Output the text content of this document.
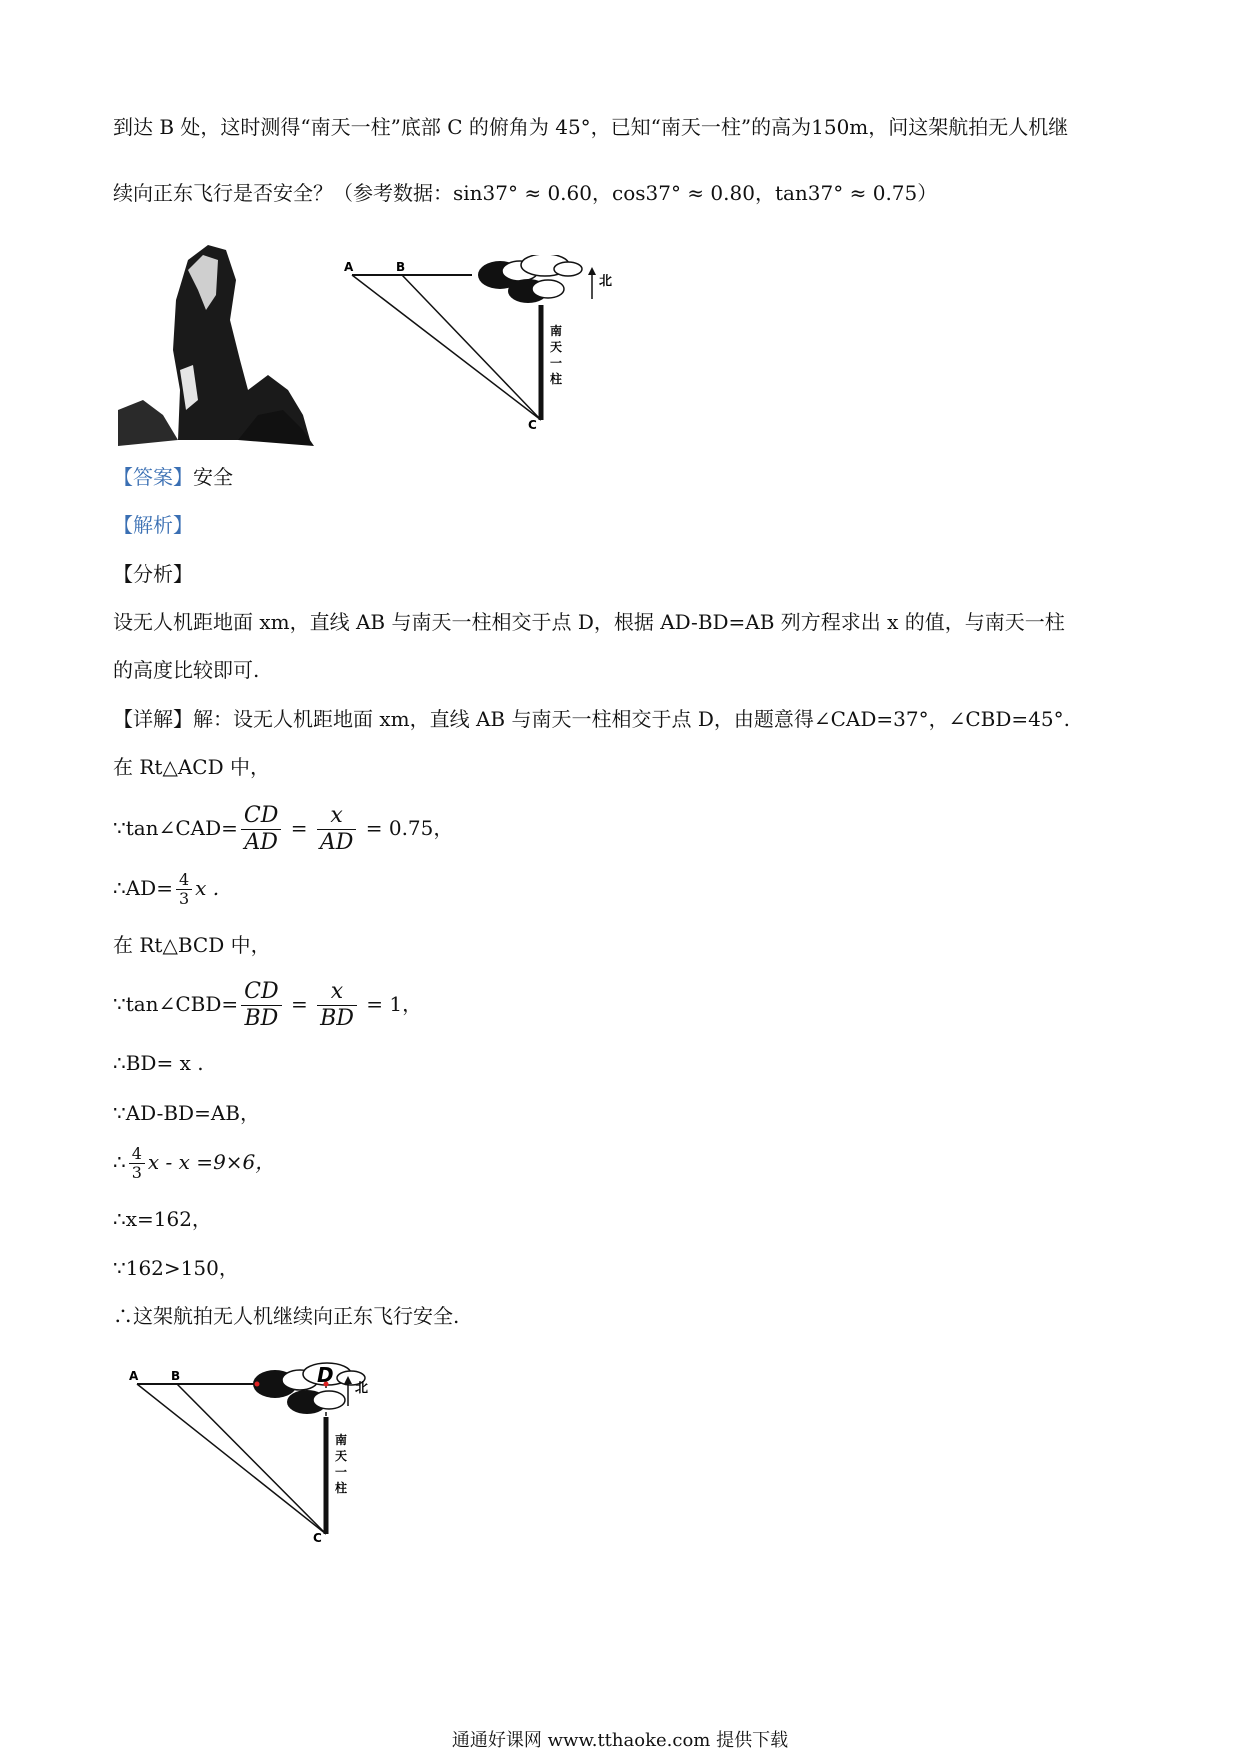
到达 B 处，这时测得“南天一柱”底部 C 的俯角为 45°，已知“南天一柱”的高为150m，问这架航拍无人机继
续向正东飞行是否安全？（参考数据：sin37° ≈ 0.60，cos37° ≈ 0.80，tan37° ≈ 0.75）
A	B
C
北
南
天
一
柱
【答案】安全
【解析】
【分析】
设无人机距地面 xm，直线 AB 与南天一柱相交于点 D，根据 AD-BD=AB 列方程求出 x 的值，与南天一柱
的高度比较即可.
【详解】解：设无人机距地面 xm，直线 AB 与南天一柱相交于点 D，由题意得∠CAD=37°，∠CBD=45°.
在 Rt△ACD 中，
∵tan∠CAD= $\frac{CD}{AD} = \frac{x}{AD} = 0.75$，
∴AD= $\frac{4}{3}$ x .
在 Rt△BCD 中，
∵tan∠CBD= $\frac{CD}{BD} = \frac{x}{BD} = 1$，
∴BD= x .
∵AD-BD=AB，
∴ $\frac{4}{3}$ x - x =9×6，
∴x=162，
∵162>150，
∴这架航拍无人机继续向正东飞行安全.
A	B
C
D
北
南
天
一
柱
通通好课网 www.tthaoke.com 提供下载
